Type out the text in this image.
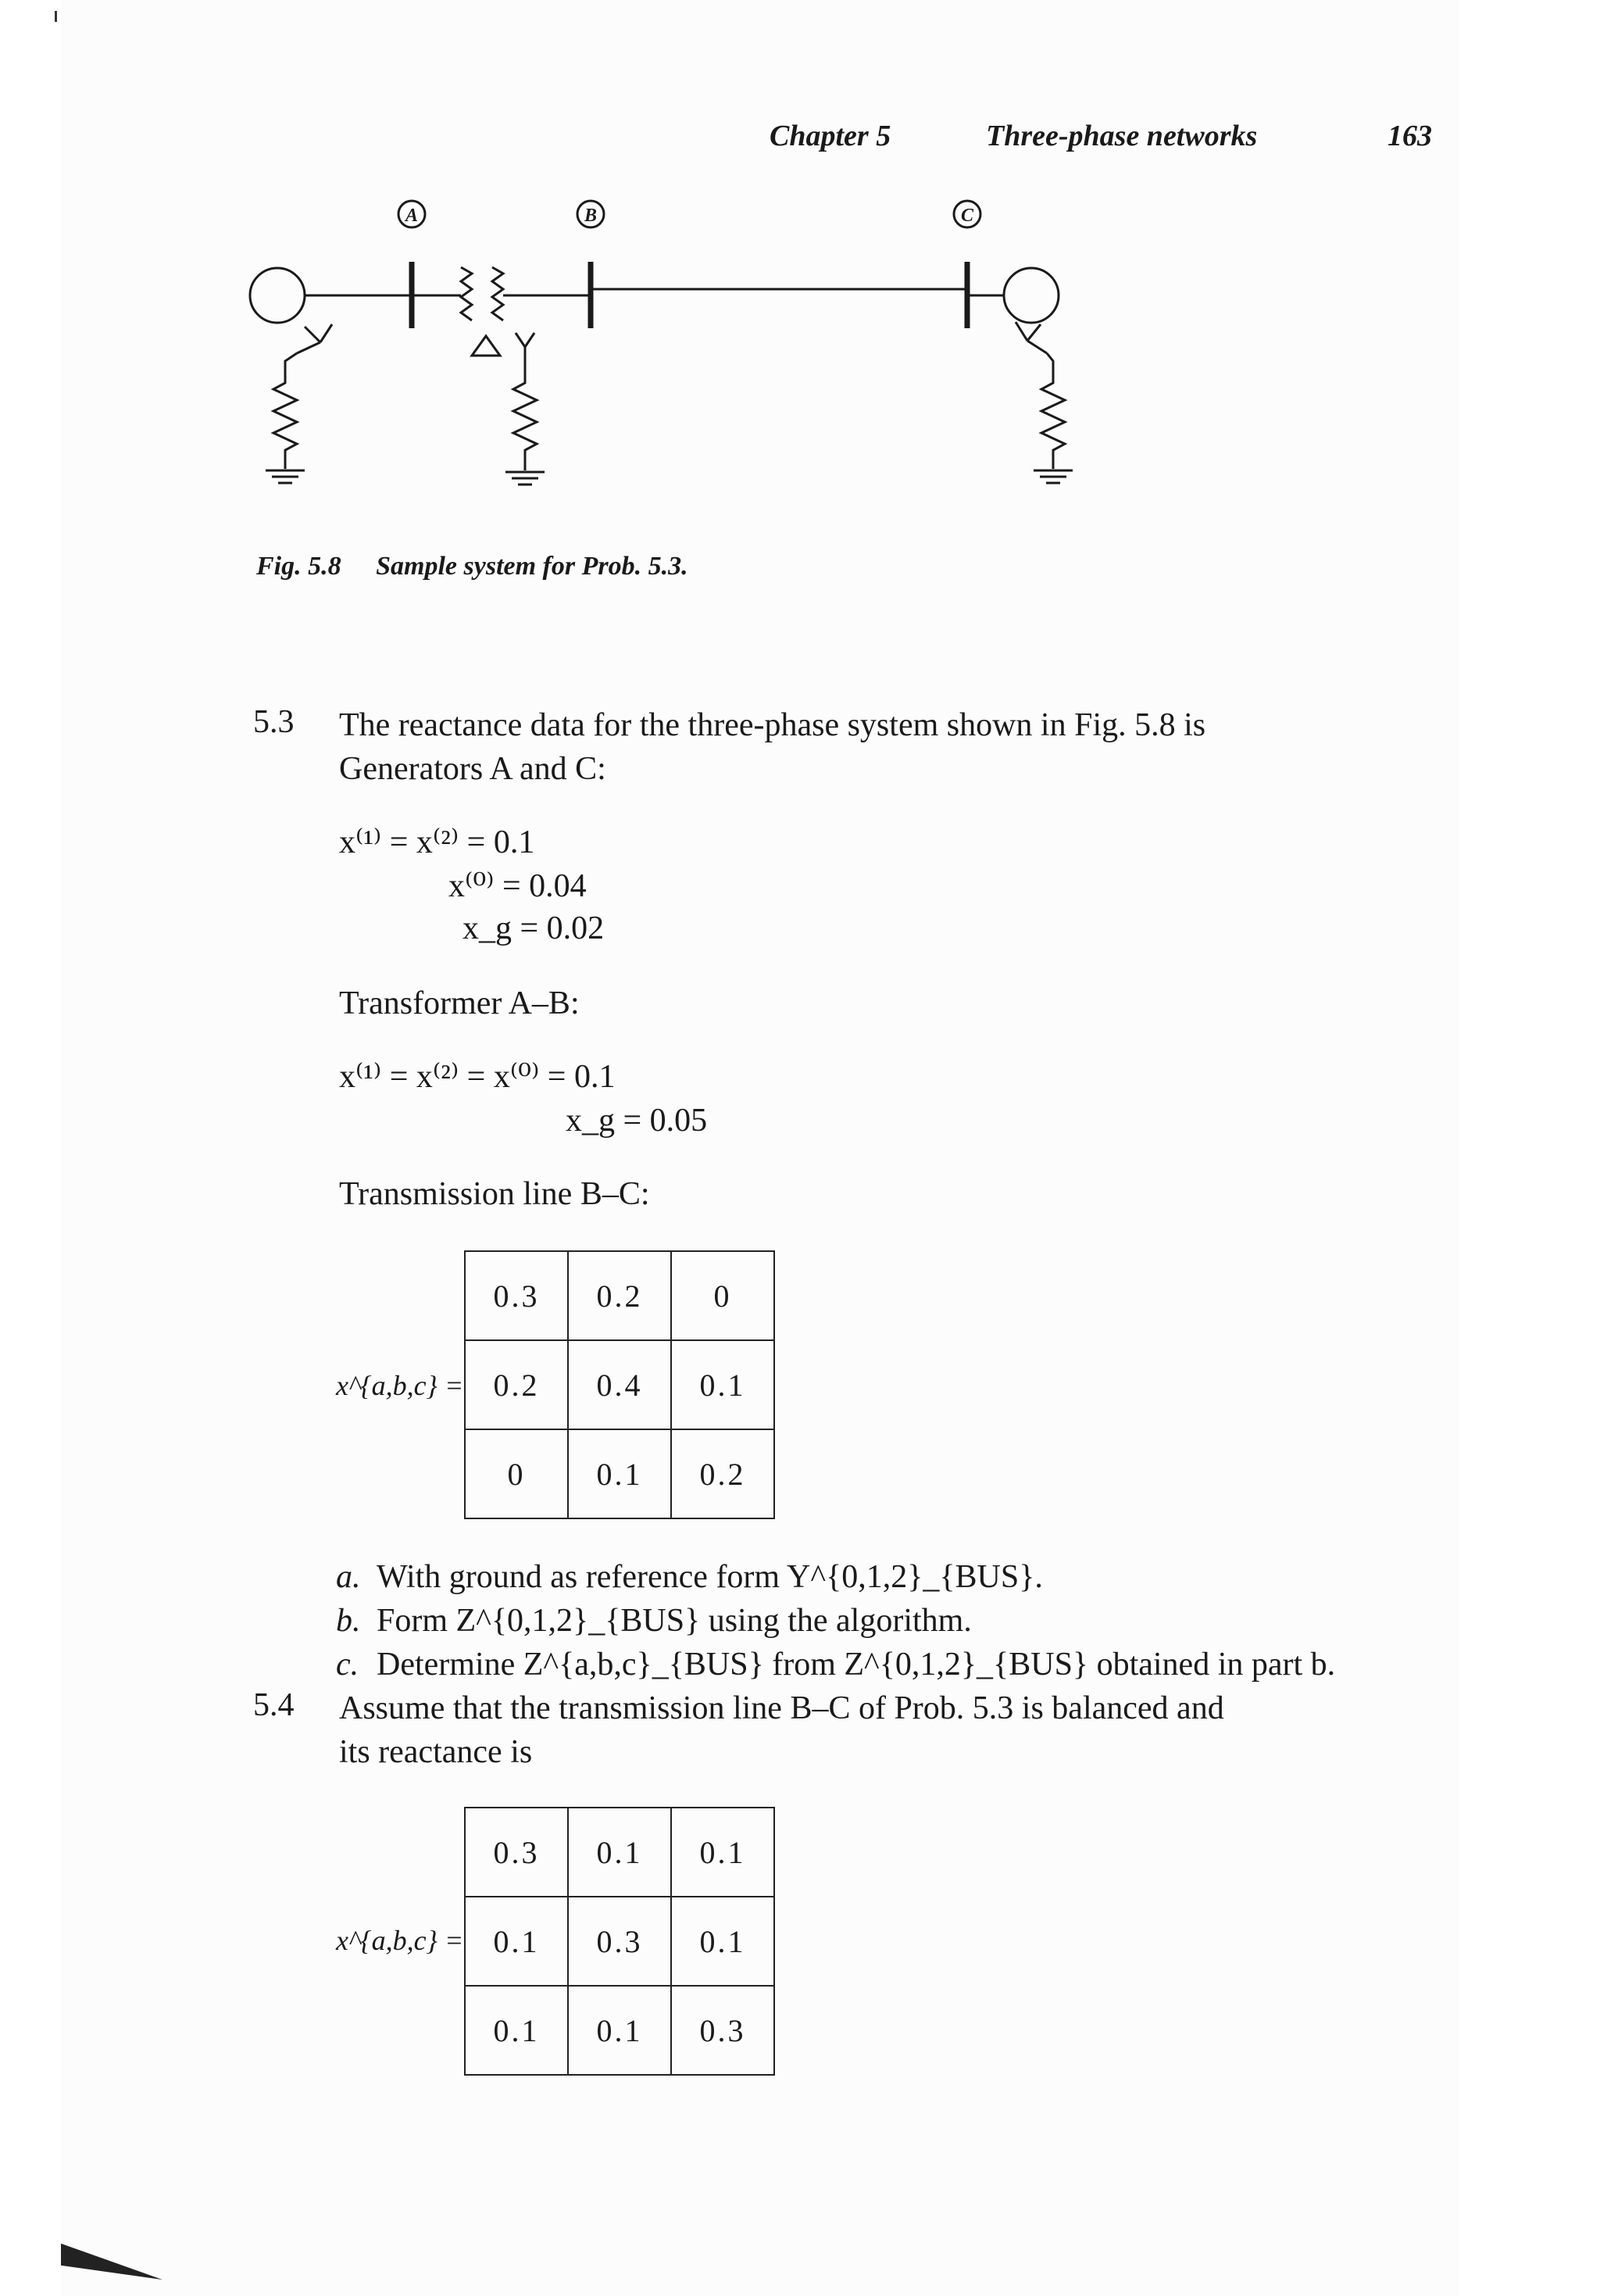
Chapter 5	Three-phase networks	163
A	B	C
Fig. 5.8 Sample system for Prob. 5.3.
5.3 The reactance data for the three-phase system shown in Fig. 5.8 is
Generators A and C:
x⁽¹⁾ = x⁽²⁾ = 0.1
x⁽⁰⁾ = 0.04
x_g = 0.02
Transformer A–B:
x⁽¹⁾ = x⁽²⁾ = x⁽⁰⁾ = 0.1
x_g = 0.05
Transmission line B–C:
x^{a,b,c} =
0.3	0.2	0
0.2	0.4	0.1
0	0.1	0.2
a. With ground as reference form Y^{0,1,2}_{BUS}.
b. Form Z^{0,1,2}_{BUS} using the algorithm.
c. Determine Z^{a,b,c}_{BUS} from Z^{0,1,2}_{BUS} obtained in part b.
5.4 Assume that the transmission line B–C of Prob. 5.3 is balanced and
its reactance is
x^{a,b,c} =
0.3	0.1	0.1
0.1	0.3	0.1
0.1	0.1	0.3
